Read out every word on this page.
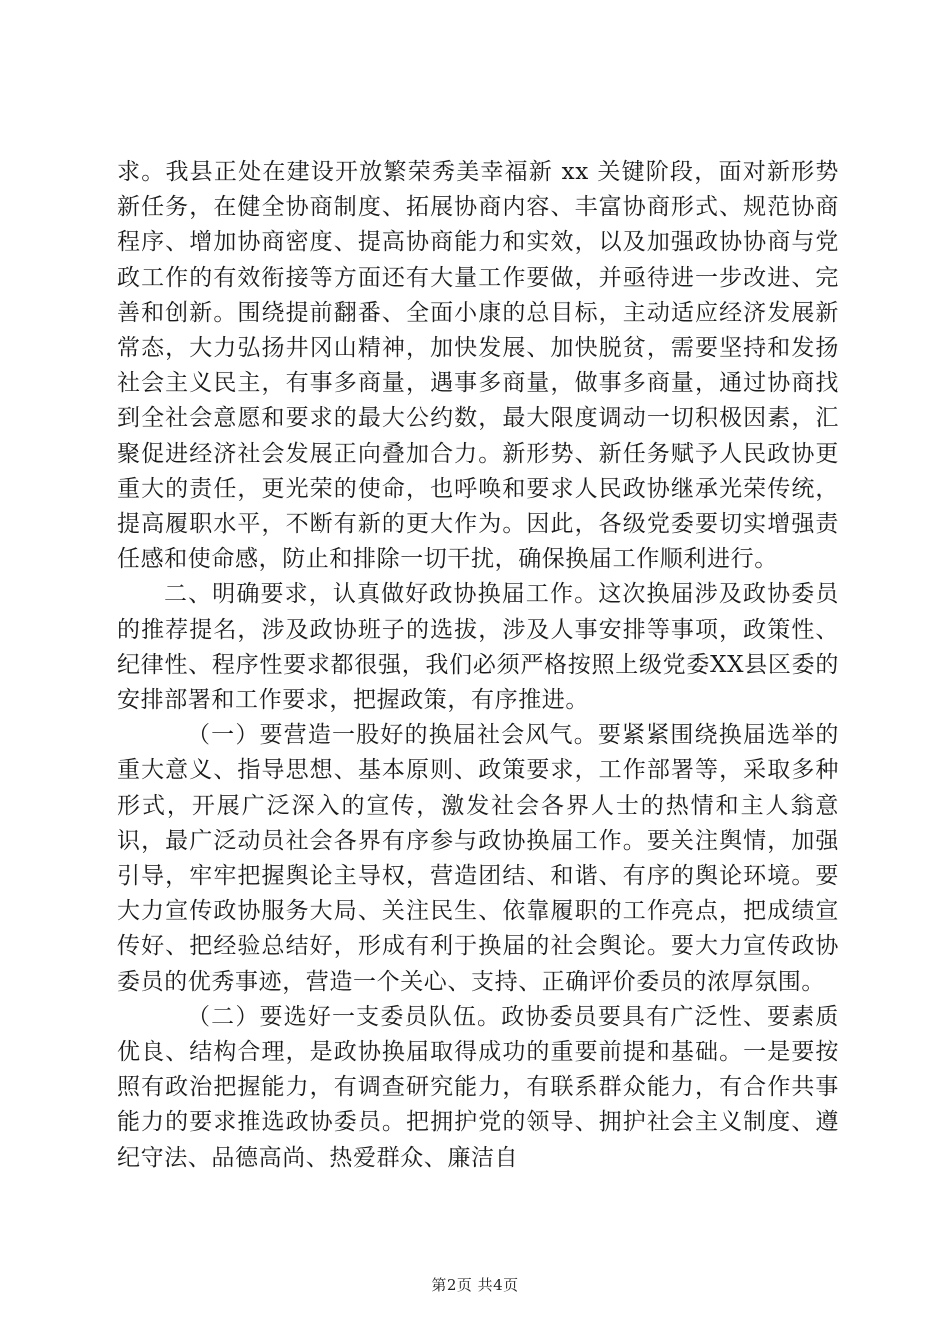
求。我县正处在建设开放繁荣秀美幸福新 xx 关键阶段，面对新形势新任务，在健全协商制度、拓展协商内容、丰富协商形式、规范协商程序、增加协商密度、提高协商能力和实效，以及加强政协协商与党政工作的有效衔接等方面还有大量工作要做，并亟待进一步改进、完善和创新。围绕提前翻番、全面小康的总目标，主动适应经济发展新常态，大力弘扬井冈山精神，加快发展、加快脱贫，需要坚持和发扬社会主义民主，有事多商量，遇事多商量，做事多商量，通过协商找到全社会意愿和要求的最大公约数，最大限度调动一切积极因素，汇聚促进经济社会发展正向叠加合力。新形势、新任务赋予人民政协更重大的责任，更光荣的使命，也呼唤和要求人民政协继承光荣传统，提高履职水平，不断有新的更大作为。因此，各级党委要切实增强责任感和使命感，防止和排除一切干扰，确保换届工作顺利进行。

二、明确要求，认真做好政协换届工作。这次换届涉及政协委员的推荐提名，涉及政协班子的选拔，涉及人事安排等事项，政策性、纪律性、程序性要求都很强，我们必须严格按照上级党委XX县区委的安排部署和工作要求，把握政策，有序推进。

（一）要营造一股好的换届社会风气。要紧紧围绕换届选举的重大意义、指导思想、基本原则、政策要求，工作部署等，采取多种形式，开展广泛深入的宣传，激发社会各界人士的热情和主人翁意识，最广泛动员社会各界有序参与政协换届工作。要关注舆情，加强引导，牢牢把握舆论主导权，营造团结、和谐、有序的舆论环境。要大力宣传政协服务大局、关注民生、依靠履职的工作亮点，把成绩宣传好、把经验总结好，形成有利于换届的社会舆论。要大力宣传政协委员的优秀事迹，营造一个关心、支持、正确评价委员的浓厚氛围。

（二）要选好一支委员队伍。政协委员要具有广泛性、要素质优良、结构合理，是政协换届取得成功的重要前提和基础。一是要按照有政治把握能力，有调查研究能力，有联系群众能力，有合作共事能力的要求推选政协委员。把拥护党的领导、拥护社会主义制度、遵纪守法、品德高尚、热爱群众、廉洁自

第2页 共4页
